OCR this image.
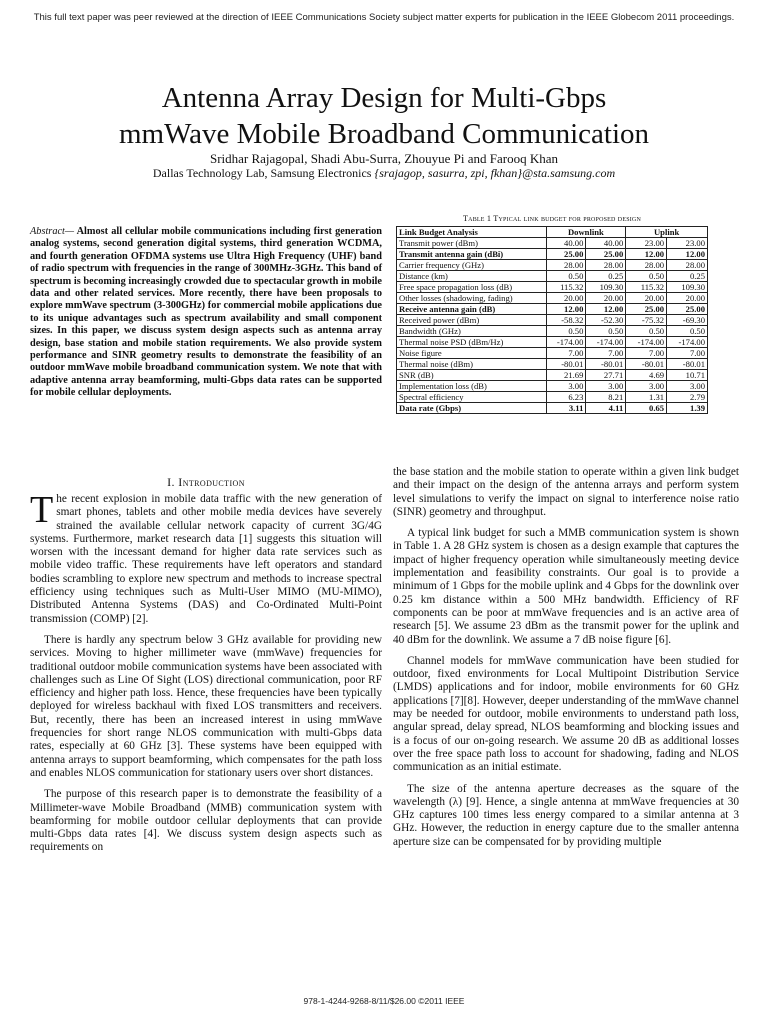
This full text paper was peer reviewed at the direction of IEEE Communications Society subject matter experts for publication in the IEEE Globecom 2011 proceedings.
Antenna Array Design for Multi-Gbps
mmWave Mobile Broadband Communication
Sridhar Rajagopal, Shadi Abu-Surra, Zhouyue Pi and Farooq Khan
Dallas Technology Lab, Samsung Electronics {srajagop, sasurra, zpi, fkhan}@sta.samsung.com
Abstract— Almost all cellular mobile communications including first generation analog systems, second generation digital systems, third generation WCDMA, and fourth generation OFDMA systems use Ultra High Frequency (UHF) band of radio spectrum with frequencies in the range of 300MHz-3GHz. This band of spectrum is becoming increasingly crowded due to spectacular growth in mobile data and other related services. More recently, there have been proposals to explore mmWave spectrum (3-300GHz) for commercial mobile applications due to its unique advantages such as spectrum availability and small component sizes. In this paper, we discuss system design aspects such as antenna array design, base station and mobile station requirements. We also provide system performance and SINR geometry results to demonstrate the feasibility of an outdoor mmWave mobile broadband communication system. We note that with adaptive antenna array beamforming, multi-Gbps data rates can be supported for mobile cellular deployments.
Table 1 Typical link budget for proposed design
Link Budget Analysis	Downlink		Uplink	
Transmit power (dBm)	40.00	40.00	23.00	23.00
Transmit antenna gain (dBi)	25.00	25.00	12.00	12.00
Carrier frequency (GHz)	28.00	28.00	28.00	28.00
Distance (km)	0.50	0.25	0.50	0.25
Free space propagation loss (dB)	115.32	109.30	115.32	109.30
Other losses (shadowing, fading)	20.00	20.00	20.00	20.00
Receive antenna gain (dB)	12.00	12.00	25.00	25.00
Received power (dBm)	-58.32	-52.30	-75.32	-69.30
Bandwidth (GHz)	0.50	0.50	0.50	0.50
Thermal noise PSD (dBm/Hz)	-174.00	-174.00	-174.00	-174.00
Noise figure	7.00	7.00	7.00	7.00
Thermal noise (dBm)	-80.01	-80.01	-80.01	-80.01
SNR (dB)	21.69	27.71	4.69	10.71
Implementation loss (dB)	3.00	3.00	3.00	3.00
Spectral efficiency	6.23	8.21	1.31	2.79
Data rate (Gbps)	3.11	4.11	0.65	1.39
I. Introduction

The recent explosion in mobile data traffic with the new generation of smart phones, tablets and other mobile media devices have severely strained the available cellular network capacity of current 3G/4G systems. Furthermore, market research data [1] suggests this situation will worsen with the incessant demand for higher data rate services such as mobile video traffic. These requirements have left operators and standard bodies scrambling to explore new spectrum and methods to increase spectral efficiency using techniques such as Multi-User MIMO (MU-MIMO), Distributed Antenna Systems (DAS) and Co-Ordinated Multi-Point transmission (COMP) [2].

There is hardly any spectrum below 3 GHz available for providing new services. Moving to higher millimeter wave (mmWave) frequencies for traditional outdoor mobile communication systems have been associated with challenges such as Line Of Sight (LOS) directional communication, poor RF efficiency and higher path loss. Hence, these frequencies have been typically deployed for wireless backhaul with fixed LOS transmitters and receivers. But, recently, there has been an increased interest in using mmWave frequencies for short range NLOS communication with multi-Gbps data rates, especially at 60 GHz [3]. These systems have been equipped with antenna arrays to support beamforming, which compensates for the path loss and enables NLOS communication for stationary users over short distances.

The purpose of this research paper is to demonstrate the feasibility of a Millimeter-wave Mobile Broadband (MMB) communication system with beamforming for mobile outdoor cellular deployments that can provide multi-Gbps data rates [4]. We discuss system design aspects such as requirements on

the base station and the mobile station to operate within a given link budget and their impact on the design of the antenna arrays and perform system level simulations to verify the impact on signal to interference noise ratio (SINR) geometry and throughput.

A typical link budget for such a MMB communication system is shown in Table 1. A 28 GHz system is chosen as a design example that captures the impact of higher frequency operation while simultaneously meeting device implementation and feasibility constraints. Our goal is to provide a minimum of 1 Gbps for the mobile uplink and 4 Gbps for the downlink over 0.25 km distance within a 500 MHz bandwidth. Efficiency of RF components can be poor at mmWave frequencies and is an active area of research [5]. We assume 23 dBm as the transmit power for the uplink and 40 dBm for the downlink. We assume a 7 dB noise figure [6].

Channel models for mmWave communication have been studied for outdoor, fixed environments for Local Multipoint Distribution Service (LMDS) applications and for indoor, mobile environments for 60 GHz applications [7][8]. However, deeper understanding of the mmWave channel may be needed for outdoor, mobile environments to understand path loss, angular spread, delay spread, NLOS beamforming and blocking issues and is a focus of our on-going research. We assume 20 dB as additional losses over the free space path loss to account for shadowing, fading and NLOS communication as an initial estimate.

The size of the antenna aperture decreases as the square of the wavelength (λ) [9]. Hence, a single antenna at mmWave frequencies at 30 GHz captures 100 times less energy compared to a similar antenna at 3 GHz. However, the reduction in energy capture due to the smaller antenna aperture size can be compensated for by providing multiple

978-1-4244-9268-8/11/$26.00 ©2011 IEEE
